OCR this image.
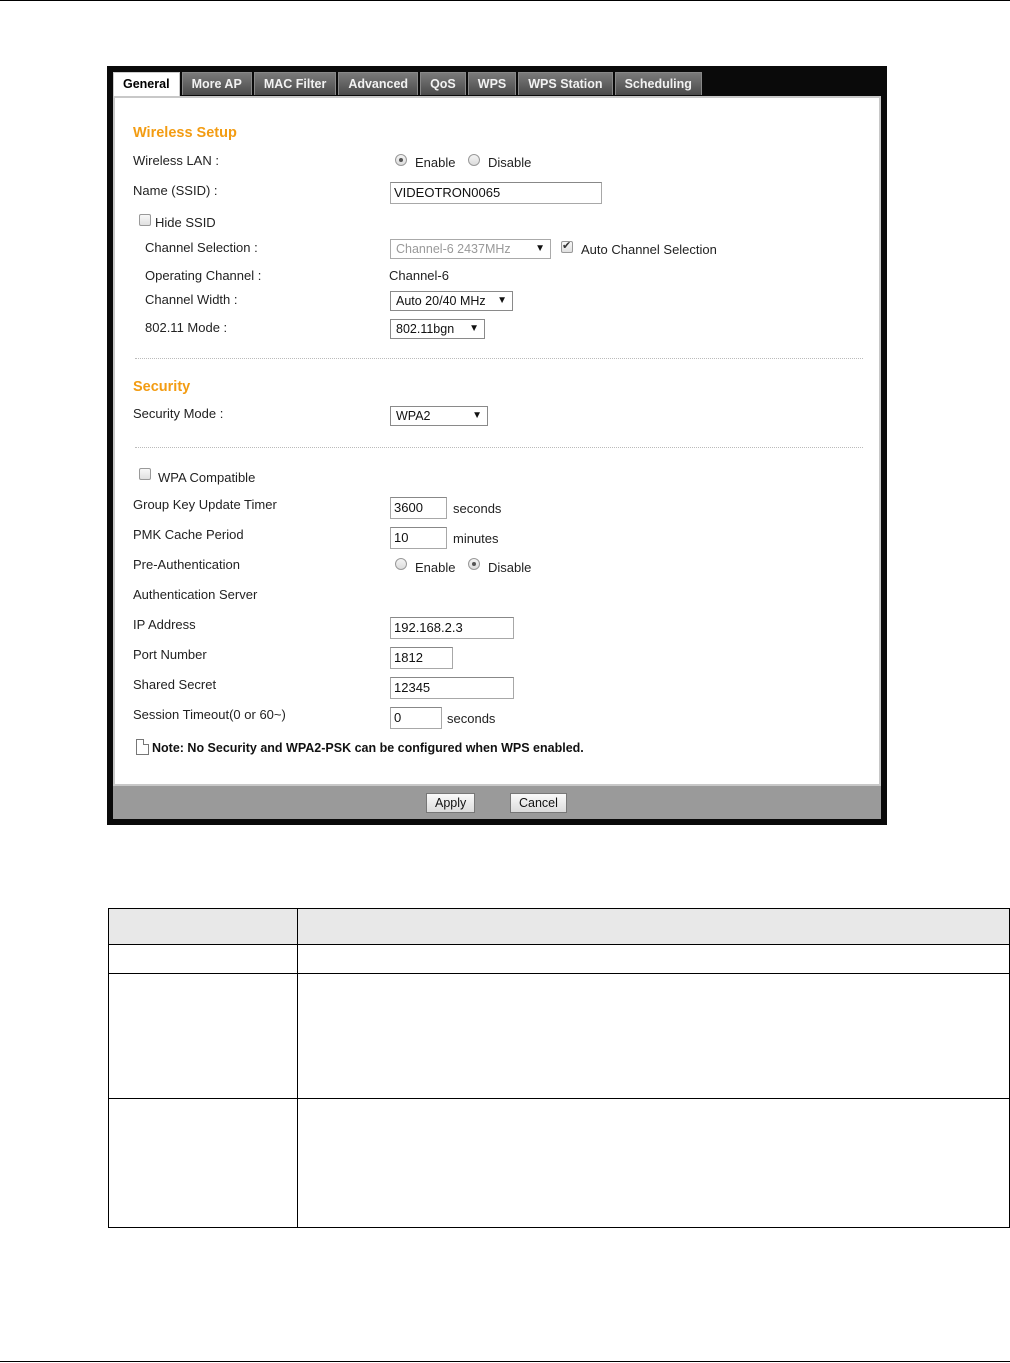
General	More AP	MAC Filter	Advanced	QoS	WPS	WPS Station	Scheduling
Wireless Setup
Wireless LAN :	Enable	Disable
Name (SSID) :	VIDEOTRON0065
Hide SSID
Channel Selection :	Channel-6 2437MHz ▼
✔	Auto Channel Selection
Operating Channel :	Channel-6
Channel Width :	Auto 20/40 MHz ▼
802.11 Mode :	802.11bgn ▼
Security
Security Mode :	WPA2	▼
WPA Compatible
Group Key Update Timer	3600	seconds
PMK Cache Period	10	minutes
Pre-Authentication	Enable	Disable
Authentication Server
IP Address	192.168.2.3
Port Number	1812
Shared Secret	12345
Session Timeout(0 or 60~)	0	seconds
Note: No Security and WPA2-PSK can be configured when WPS enabled.
Apply	Cancel
